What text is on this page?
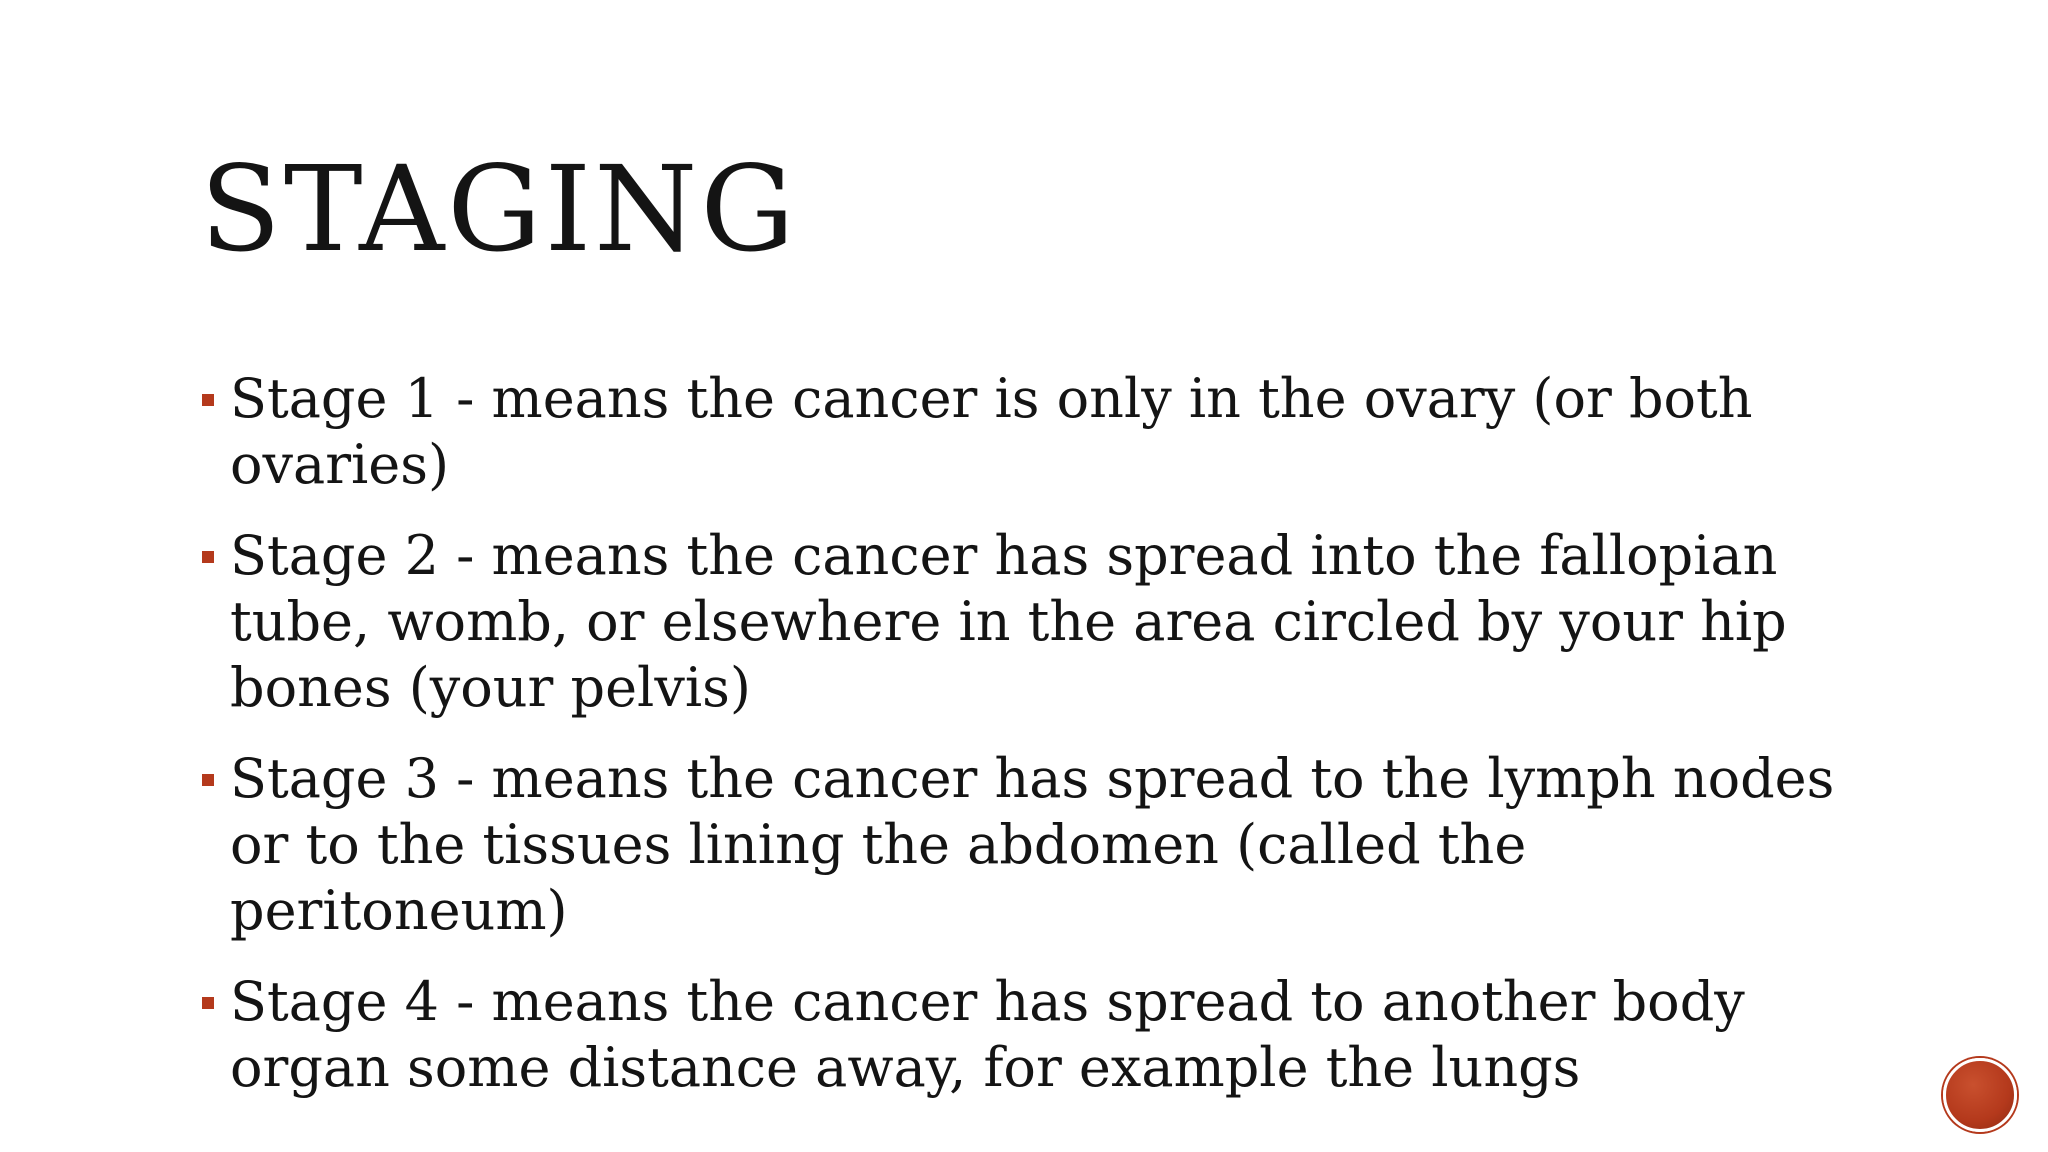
STAGING
Stage 1 - means the cancer is only in the ovary (or both ovaries)
Stage 2 - means the cancer has spread into the fallopian tube, womb, or elsewhere in the area circled by your hip bones (your pelvis)
Stage 3 - means the cancer has spread to the lymph nodes or to the tissues lining the abdomen (called the peritoneum)
Stage 4 - means the cancer has spread to another body organ some distance away, for example the lungs
